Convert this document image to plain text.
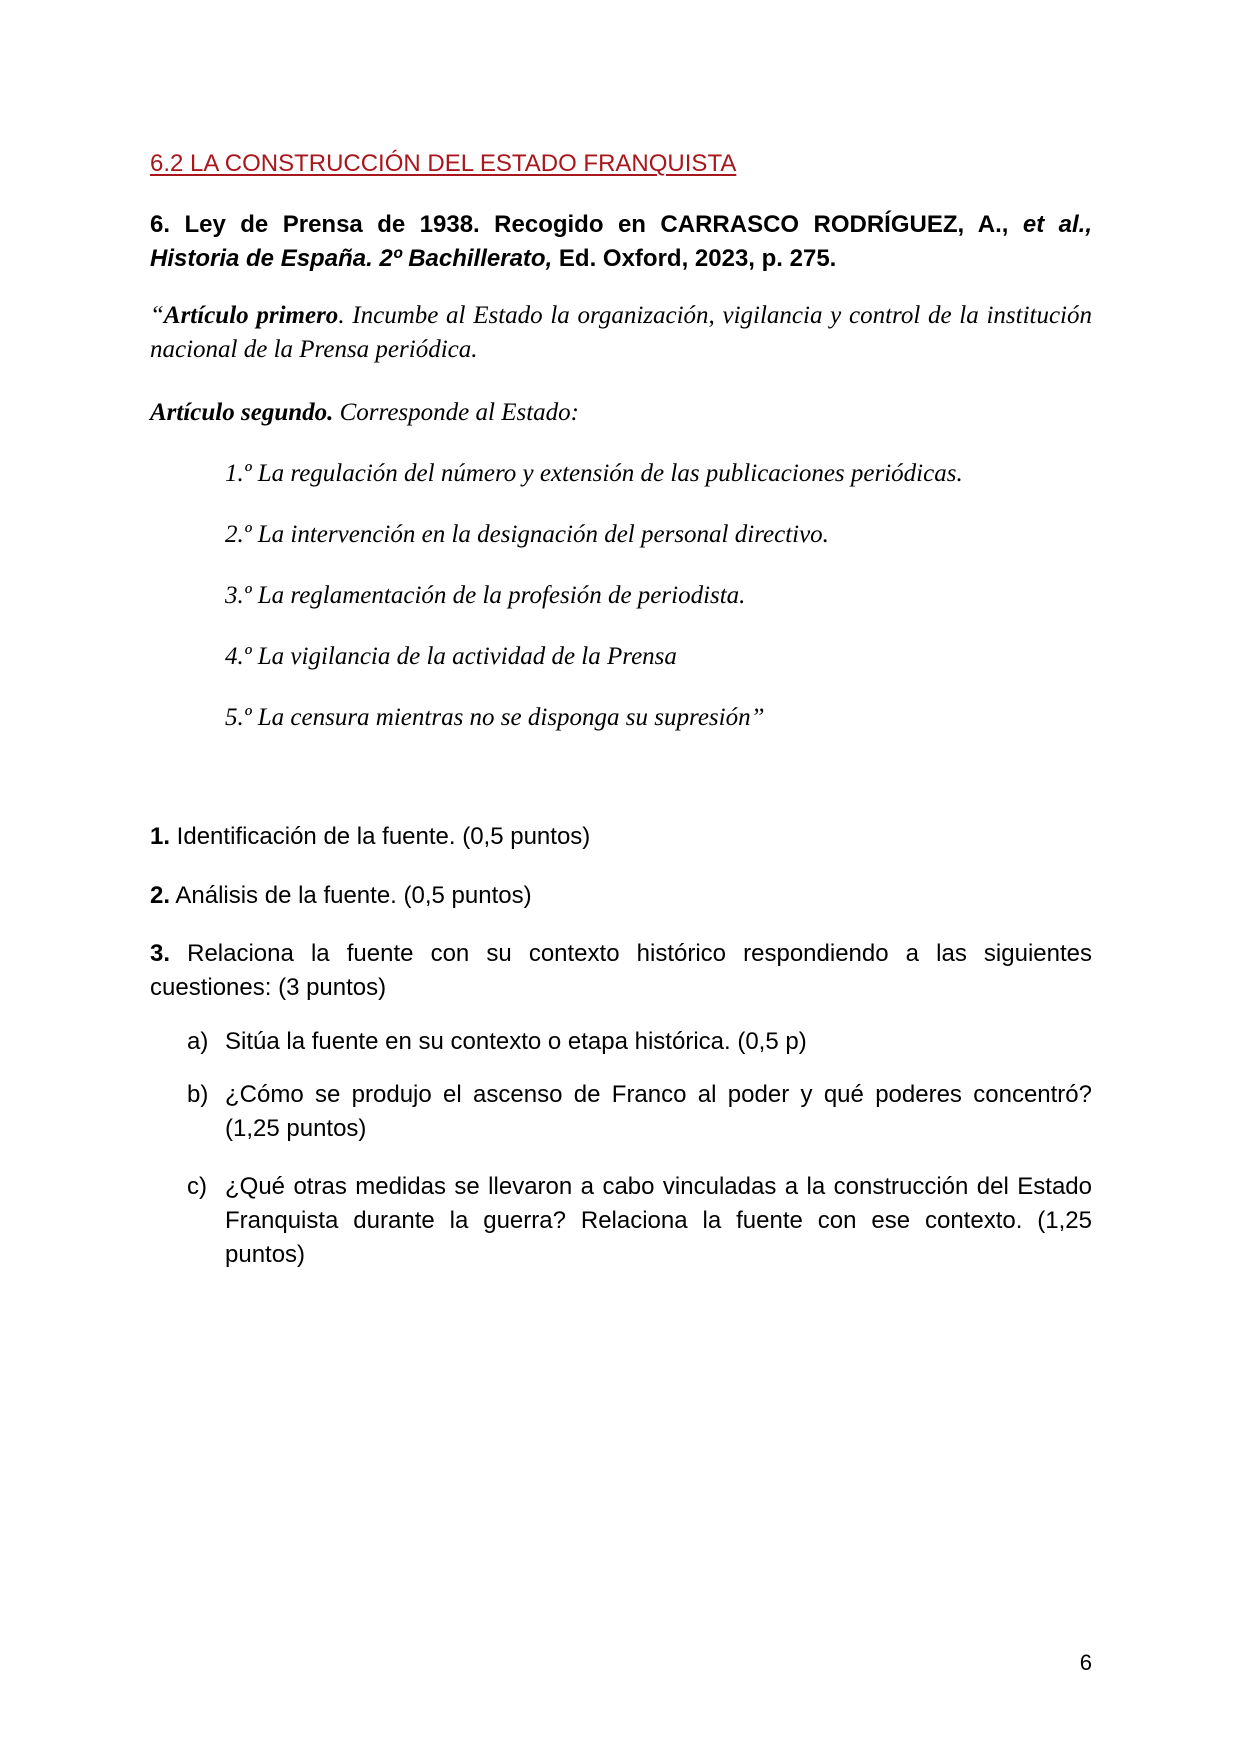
6.2 LA CONSTRUCCIÓN DEL ESTADO FRANQUISTA

6. Ley de Prensa de 1938. Recogido en CARRASCO RODRÍGUEZ, A., et al., Historia de España. 2º Bachillerato, Ed. Oxford, 2023, p. 275.

“Artículo primero. Incumbe al Estado la organización, vigilancia y control de la institución nacional de la Prensa periódica.

Artículo segundo. Corresponde al Estado:

1.º La regulación del número y extensión de las publicaciones periódicas.

2.º La intervención en la designación del personal directivo.

3.º La reglamentación de la profesión de periodista.

4.º La vigilancia de la actividad de la Prensa

5.º La censura mientras no se disponga su supresión”

1. Identificación de la fuente. (0,5 puntos)

2. Análisis de la fuente. (0,5 puntos)

3. Relaciona la fuente con su contexto histórico respondiendo a las siguientes cuestiones: (3 puntos)

a) Sitúa la fuente en su contexto o etapa histórica. (0,5 p)
b) ¿Cómo se produjo el ascenso de Franco al poder y qué poderes concentró? (1,25 puntos)
c) ¿Qué otras medidas se llevaron a cabo vinculadas a la construcción del Estado Franquista durante la guerra? Relaciona la fuente con ese contexto. (1,25 puntos)

6
